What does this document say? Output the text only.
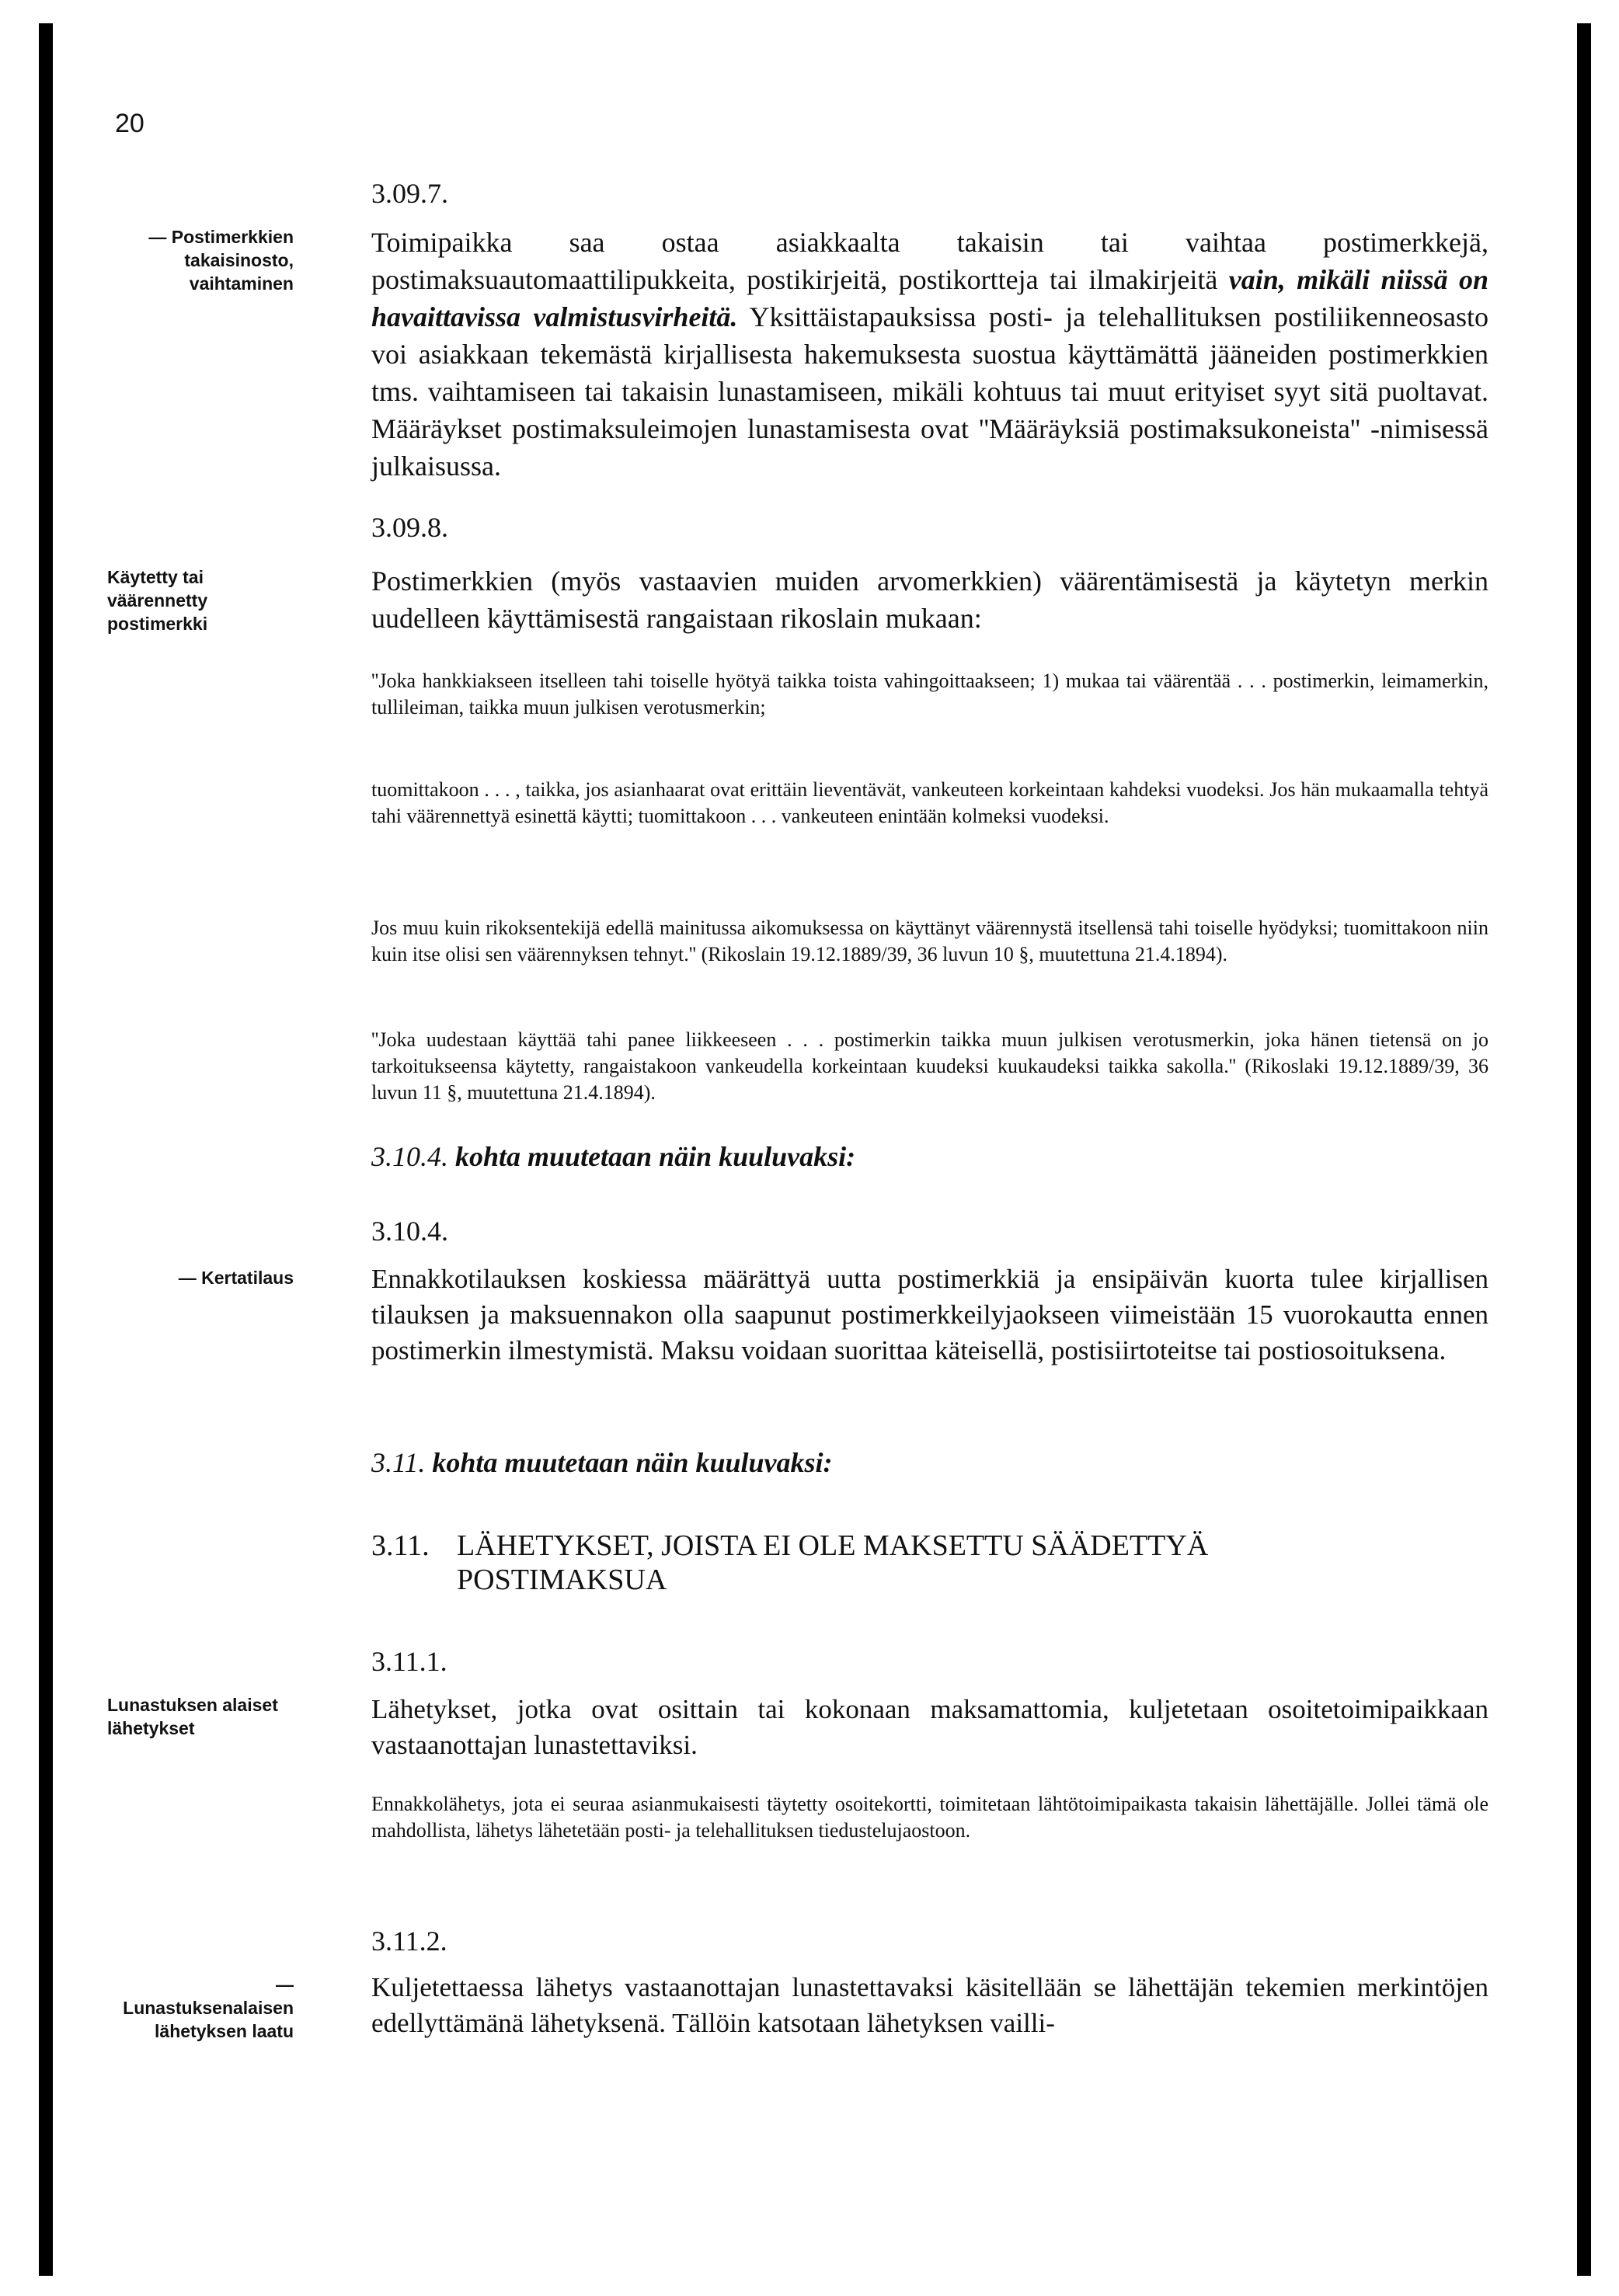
20
— Postimerkkien takaisinosto, vaihtaminen
Käytetty tai väärennetty postimerkki
— Kertatilaus
Lunastuksen alaiset lähetykset
— Lunastuksenalaisen lähetyksen laatu
3.09.7.

Toimipaikka saa ostaa asiakkaalta takaisin tai vaihtaa postimerkkejä, postimaksuautomaattilipukkeita, postikirjeitä, postikortteja tai ilmakirjeitä vain, mikäli niissä on havaittavissa valmistusvirheitä. Yksittäistapauksissa posti- ja telehallituksen postiliikenneosasto voi asiakkaan tekemästä kirjallisesta hakemuksesta suostua käyttämättä jääneiden postimerkkien tms. vaihtamiseen tai takaisin lunastamiseen, mikäli kohtuus tai muut erityiset syyt sitä puoltavat. Määräykset postimaksuleimojen lunastamisesta ovat ''Määräyksiä postimaksukoneista'' -nimisessä julkaisussa.

3.09.8.

Postimerkkien (myös vastaavien muiden arvomerkkien) väärentämisestä ja käytetyn merkin uudelleen käyttämisestä rangaistaan rikoslain mukaan:

''Joka hankkiakseen itselleen tahi toiselle hyötyä taikka toista vahingoittaakseen; 1) mukaa tai väärentää . . . postimerkin, leimamerkin, tullileiman, taikka muun julkisen verotusmerkin;

tuomittakoon . . . , taikka, jos asianhaarat ovat erittäin lieventävät, vankeuteen korkeintaan kahdeksi vuodeksi. Jos hän mukaamalla tehtyä tahi väärennettyä esinettä käytti; tuomittakoon . . . vankeuteen enintään kolmeksi vuodeksi.

Jos muu kuin rikoksentekijä edellä mainitussa aikomuksessa on käyttänyt väärennystä itsellensä tahi toiselle hyödyksi; tuomittakoon niin kuin itse olisi sen väärennyksen tehnyt.'' (Rikoslain 19.12.1889/39, 36 luvun 10 §, muutettuna 21.4.1894).

''Joka uudestaan käyttää tahi panee liikkeeseen . . . postimerkin taikka muun julkisen verotusmerkin, joka hänen tietensä on jo tarkoitukseensa käytetty, rangaistakoon vankeudella korkeintaan kuudeksi kuukaudeksi taikka sakolla.'' (Rikoslaki 19.12.1889/39, 36 luvun 11 §, muutettuna 21.4.1894).

3.10.4. kohta muutetaan näin kuuluvaksi:
3.10.4.

Ennakkotilauksen koskiessa määrättyä uutta postimerkkiä ja ensipäivän kuorta tulee kirjallisen tilauksen ja maksuennakon olla saapunut postimerkkeilyjaokseen viimeistään 15 vuorokautta ennen postimerkin ilmestymistä. Maksu voidaan suorittaa käteisellä, postisiirtoteitse tai postiosoituksena.

3.11. kohta muutetaan näin kuuluvaksi:
3.11. LÄHETYKSET, JOISTA EI OLE MAKSETTU SÄÄDETTYÄ POSTIMAKSUA
3.11.1.

Lähetykset, jotka ovat osittain tai kokonaan maksamattomia, kuljetetaan osoitetoimipaikkaan vastaanottajan lunastettaviksi.

Ennakkolähetys, jota ei seuraa asianmukaisesti täytetty osoitekortti, toimitetaan lähtötoimipaikasta takaisin lähettäjälle. Jollei tämä ole mahdollista, lähetys lähetetään posti- ja telehallituksen tiedustelujaostoon.

3.11.2.

Kuljetettaessa lähetys vastaanottajan lunastettavaksi käsitellään se lähettäjän tekemien merkintöjen edellyttämänä lähetyksenä. Tällöin katsotaan lähetyksen vailli-
